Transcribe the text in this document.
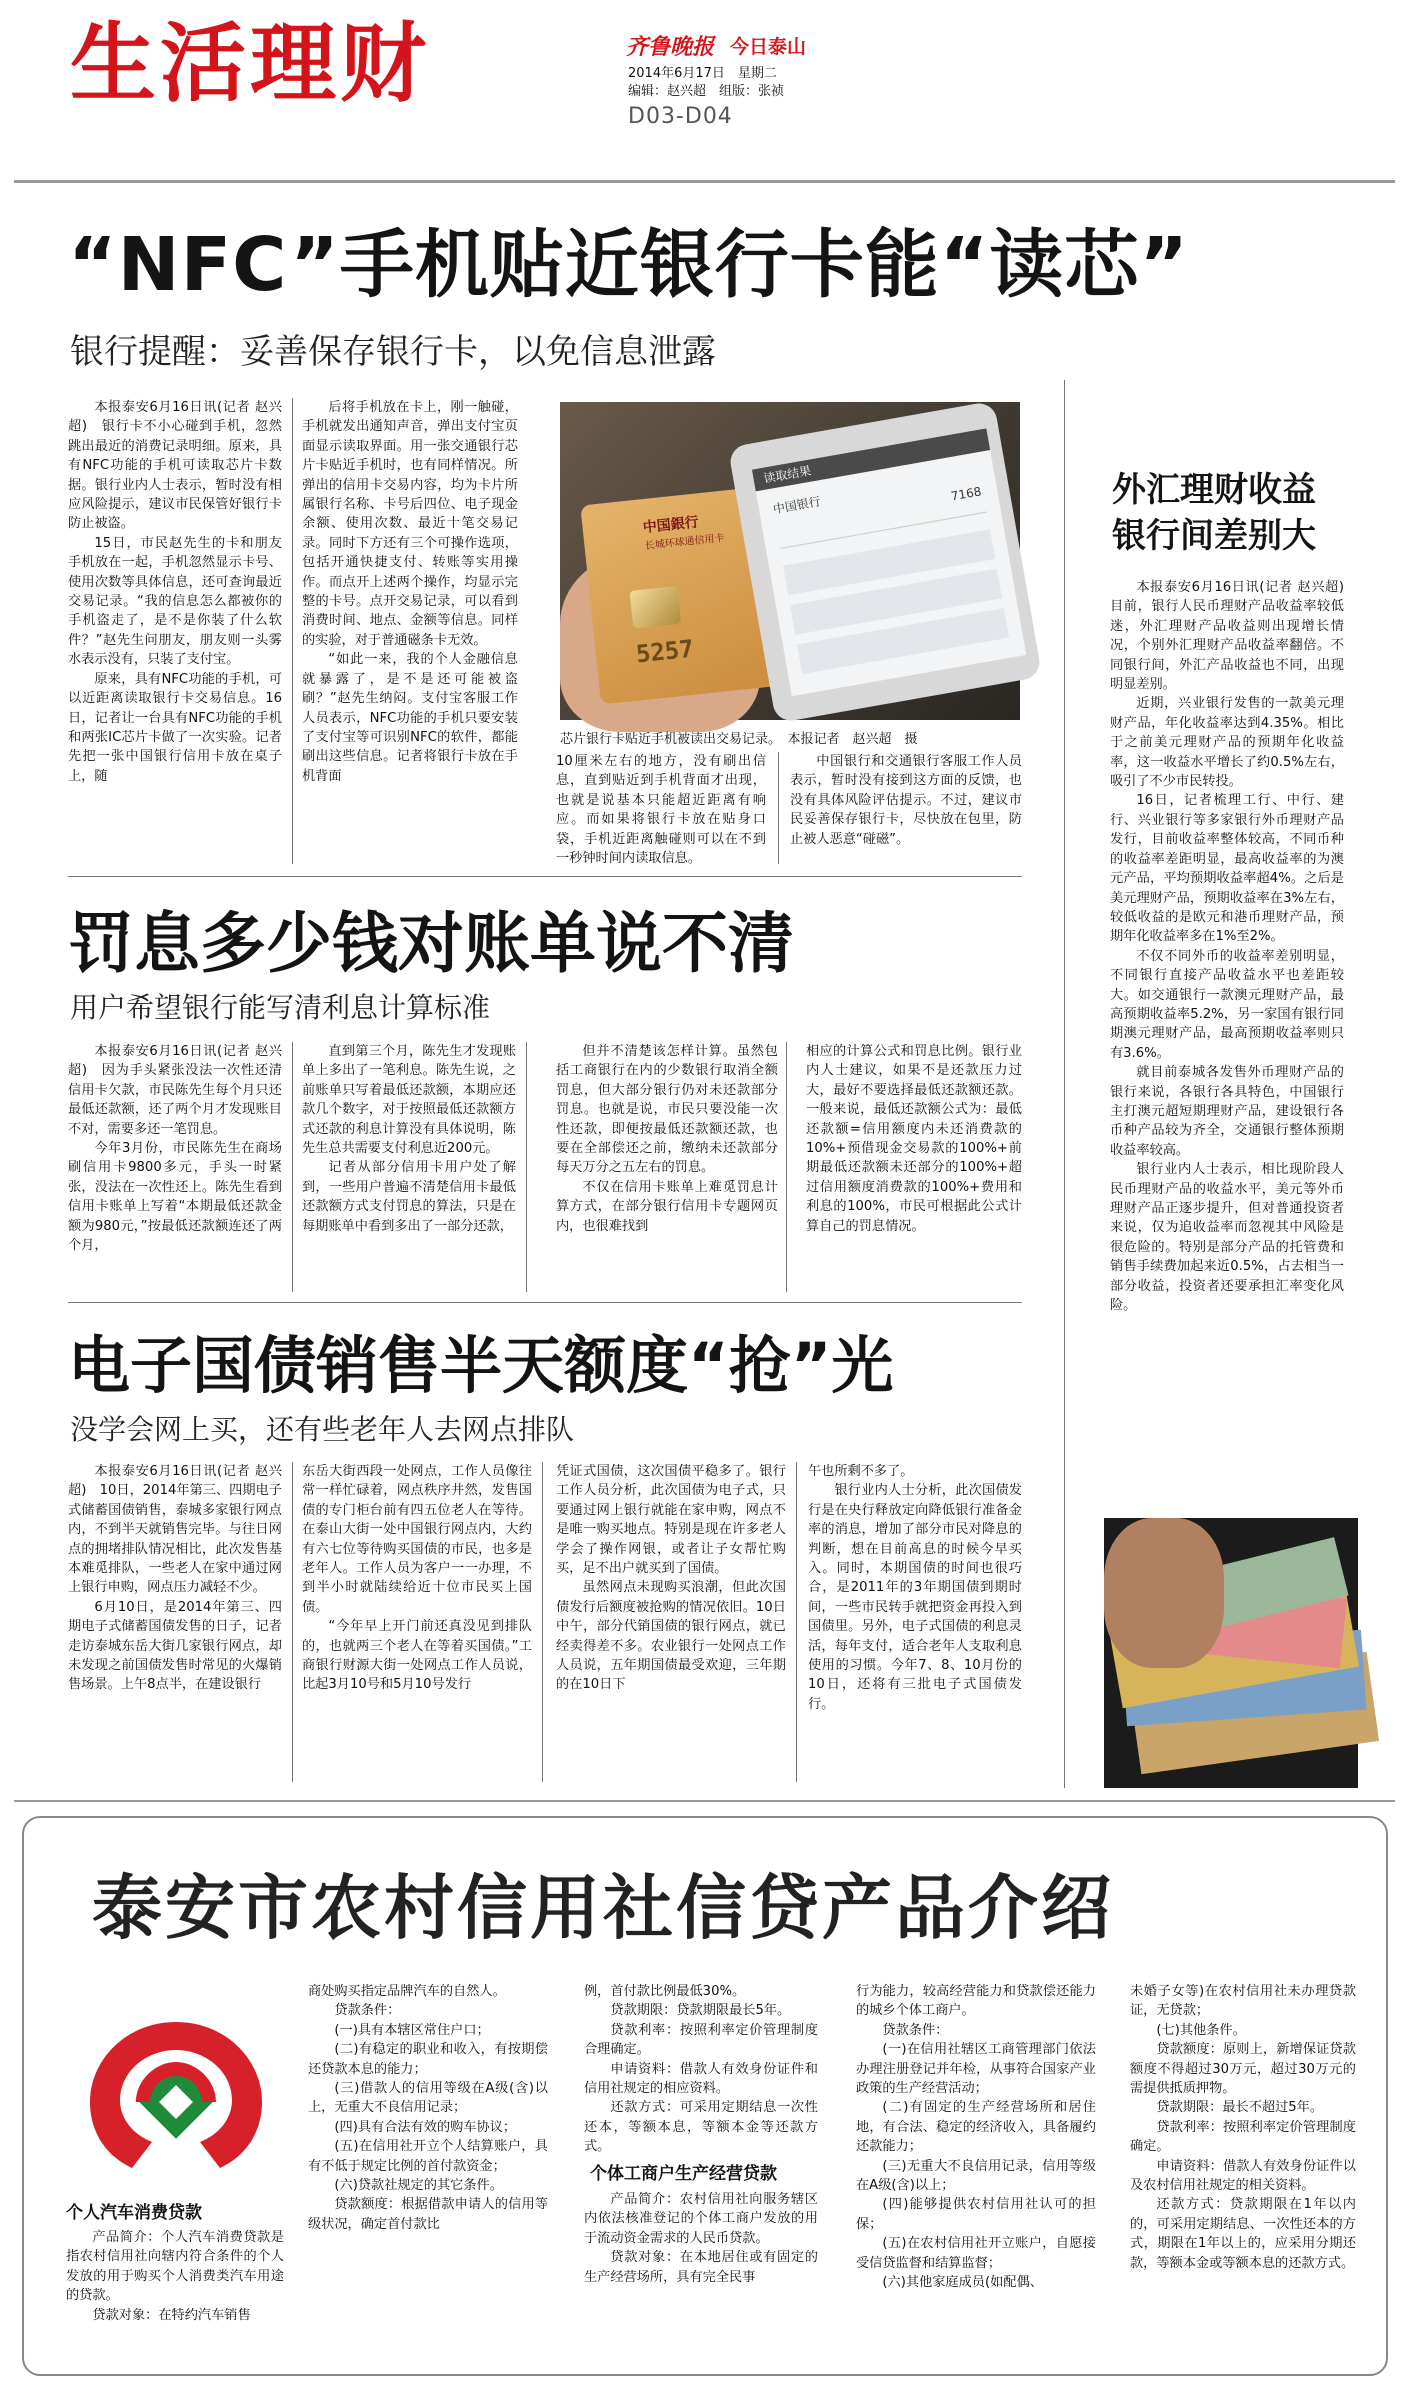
生活理财	齐鲁晚报 今日泰山
2014年6月17日　星期二
编辑：赵兴超　组版：张祯
D03-D04
“NFC”手机贴近银行卡能“读芯”
银行提醒：妥善保存银行卡，以免信息泄露

本报泰安6月16日讯(记者 赵兴超)　银行卡不小心碰到手机，忽然跳出最近的消费记录明细。原来，具有NFC功能的手机可读取芯片卡数据。银行业内人士表示，暂时没有相应风险提示，建议市民保管好银行卡防止被盗。

15日，市民赵先生的卡和朋友手机放在一起，手机忽然显示卡号、使用次数等具体信息，还可查询最近交易记录。“我的信息怎么都被你的手机盗走了，是不是你装了什么软件？”赵先生问朋友，朋友则一头雾水表示没有，只装了支付宝。

原来，具有NFC功能的手机，可以近距离读取银行卡交易信息。16日，记者让一台具有NFC功能的手机和两张IC芯片卡做了一次实验。记者先把一张中国银行信用卡放在桌子上，随

后将手机放在卡上，刚一触碰，手机就发出通知声音，弹出支付宝页面显示读取界面。用一张交通银行芯片卡贴近手机时，也有同样情况。所弹出的信用卡交易内容，均为卡片所属银行名称、卡号后四位、电子现金余额、使用次数、最近十笔交易记录。同时下方还有三个可操作选项，包括开通快捷支付、转账等实用操作。而点开上述两个操作，均显示完整的卡号。点开交易记录，可以看到消费时间、地点、金额等信息。同样的实验，对于普通磁条卡无效。

“如此一来，我的个人金融信息就暴露了，是不是还可能被盗刷？”赵先生纳闷。支付宝客服工作人员表示，NFC功能的手机只要安装了支付宝等可识别NFC的软件，都能刷出这些信息。记者将银行卡放在手机背面

中国銀行
长城环球通信用卡
5257
读取结果
中国银行
7168
芯片银行卡贴近手机被读出交易记录。　本报记者　赵兴超　摄

10厘米左右的地方，没有刷出信息，直到贴近到手机背面才出现，也就是说基本只能超近距离有响应。而如果将银行卡放在贴身口袋，手机近距离触碰则可以在不到一秒钟时间内读取信息。

中国银行和交通银行客服工作人员表示，暂时没有接到这方面的反馈，也没有具体风险评估提示。不过，建议市民妥善保存银行卡，尽快放在包里，防止被人恶意“碰磁”。

外汇理财收益
银行间差别大

本报泰安6月16日讯(记者 赵兴超)　目前，银行人民币理财产品收益率较低迷，外汇理财产品收益则出现增长情况，个别外汇理财产品收益率翻倍。不同银行间，外汇产品收益也不同，出现明显差别。

近期，兴业银行发售的一款美元理财产品，年化收益率达到4.35%。相比于之前美元理财产品的预期年化收益率，这一收益水平增长了约0.5%左右，吸引了不少市民转投。

16日，记者梳理工行、中行、建行、兴业银行等多家银行外币理财产品发行，目前收益率整体较高，不同币种的收益率差距明显，最高收益率的为澳元产品，平均预期收益率超4%。之后是美元理财产品，预期收益率在3%左右，较低收益的是欧元和港币理财产品，预期年化收益率多在1%至2%。

不仅不同外币的收益率差别明显，不同银行直接产品收益水平也差距较大。如交通银行一款澳元理财产品，最高预期收益率5.2%，另一家国有银行同期澳元理财产品，最高预期收益率则只有3.6%。

就目前泰城各发售外币理财产品的银行来说，各银行各具特色，中国银行主打澳元超短期理财产品，建设银行各币种产品较为齐全，交通银行整体预期收益率较高。

银行业内人士表示，相比现阶段人民币理财产品的收益水平，美元等外币理财产品正逐步提升，但对普通投资者来说，仅为追收益率而忽视其中风险是很危险的。特别是部分产品的托管费和销售手续费加起来近0.5%，占去相当一部分收益，投资者还要承担汇率变化风险。

罚息多少钱对账单说不清
用户希望银行能写清利息计算标准

本报泰安6月16日讯(记者 赵兴超)　因为手头紧张没法一次性还清信用卡欠款，市民陈先生每个月只还最低还款额，还了两个月才发现账目不对，需要多还一笔罚息。

今年3月份，市民陈先生在商场刷信用卡9800多元，手头一时紧张，没法在一次性还上。陈先生看到信用卡账单上写着“本期最低还款金额为980元，”按最低还款额连还了两个月，

直到第三个月，陈先生才发现账单上多出了一笔利息。陈先生说，之前账单只写着最低还款额，本期应还款几个数字，对于按照最低还款额方式还款的利息计算没有具体说明，陈先生总共需要支付利息近200元。

记者从部分信用卡用户处了解到，一些用户普遍不清楚信用卡最低还款额方式支付罚息的算法，只是在每期账单中看到多出了一部分还款，

但并不清楚该怎样计算。虽然包括工商银行在内的少数银行取消全额罚息，但大部分银行仍对未还款部分罚息。也就是说，市民只要没能一次性还款，即便按最低还款额还款，也要在全部偿还之前，缴纳未还款部分每天万分之五左右的罚息。

不仅在信用卡账单上难觅罚息计算方式，在部分银行信用卡专题网页内，也很难找到

相应的计算公式和罚息比例。银行业内人士建议，如果不是还款压力过大，最好不要选择最低还款额还款。一般来说，最低还款额公式为：最低还款额=信用额度内未还消费款的10%+预借现金交易款的100%+前期最低还款额未还部分的100%+超过信用额度消费款的100%+费用和利息的100%，市民可根据此公式计算自己的罚息情况。

电子国债销售半天额度“抢”光
没学会网上买，还有些老年人去网点排队

本报泰安6月16日讯(记者 赵兴超)　10日，2014年第三、四期电子式储蓄国债销售，泰城多家银行网点内，不到半天就销售完毕。与往日网点的拥堵排队情况相比，此次发售基本难觅排队，一些老人在家中通过网上银行申购，网点压力减轻不少。

6月10日，是2014年第三、四期电子式储蓄国债发售的日子，记者走访泰城东岳大街几家银行网点，却未发现之前国债发售时常见的火爆销售场景。上午8点半，在建设银行

东岳大街西段一处网点，工作人员像往常一样忙碌着，网点秩序井然，发售国债的专门柜台前有四五位老人在等待。在泰山大街一处中国银行网点内，大约有六七位等待购买国债的市民，也多是老年人。工作人员为客户一一办理，不到半小时就陆续给近十位市民买上国债。

“今年早上开门前还真没见到排队的，也就两三个老人在等着买国债。”工商银行财源大街一处网点工作人员说，比起3月10号和5月10号发行

凭证式国债，这次国债平稳多了。银行工作人员分析，此次国债为电子式，只要通过网上银行就能在家申购，网点不是唯一购买地点。特别是现在许多老人学会了操作网银，或者让子女帮忙购买，足不出户就买到了国债。

虽然网点未现购买浪潮，但此次国债发行后额度被抢购的情况依旧。10日中午，部分代销国债的银行网点，就已经卖得差不多。农业银行一处网点工作人员说，五年期国债最受欢迎，三年期的在10日下

午也所剩不多了。

银行业内人士分析，此次国债发行是在央行释放定向降低银行准备金率的消息，增加了部分市民对降息的判断，想在目前高息的时候今早买入。同时，本期国债的时间也很巧合，是2011年的3年期国债到期时间，一些市民转手就把资金再投入到国债里。另外，电子式国债的利息灵活，每年支付，适合老年人支取利息使用的习惯。今年7、8、10月份的10日，还将有三批电子式国债发行。

泰安市农村信用社信贷产品介绍
个人汽车消费贷款

产品简介：个人汽车消费贷款是指农村信用社向辖内符合条件的个人发放的用于购买个人消费类汽车用途的贷款。

贷款对象：在特约汽车销售

商处购买指定品牌汽车的自然人。

贷款条件：

(一)具有本辖区常住户口；

(二)有稳定的职业和收入，有按期偿还贷款本息的能力；

(三)借款人的信用等级在A级(含)以上，无重大不良信用记录；

(四)具有合法有效的购车协议；

(五)在信用社开立个人结算账户，具有不低于规定比例的首付款资金；

(六)贷款社规定的其它条件。

贷款额度：根据借款申请人的信用等级状况，确定首付款比

例，首付款比例最低30%。

贷款期限：贷款期限最长5年。

贷款利率：按照利率定价管理制度合理确定。

申请资料：借款人有效身份证件和信用社规定的相应资料。

还款方式：可采用定期结息一次性还本，等额本息，等额本金等还款方式。

个体工商户生产经营贷款

产品简介：农村信用社向服务辖区内依法核准登记的个体工商户发放的用于流动资金需求的人民币贷款。

贷款对象：在本地居住或有固定的生产经营场所，具有完全民事

行为能力，较高经营能力和贷款偿还能力的城乡个体工商户。

贷款条件：

(一)在信用社辖区工商管理部门依法办理注册登记并年检，从事符合国家产业政策的生产经营活动；

(二)有固定的生产经营场所和居住地，有合法、稳定的经济收入，具备履约还款能力；

(三)无重大不良信用记录，信用等级在A级(含)以上；

(四)能够提供农村信用社认可的担保；

(五)在农村信用社开立账户，自愿接受信贷监督和结算监督；

(六)其他家庭成员(如配偶、

未婚子女等)在农村信用社未办理贷款证，无贷款；

(七)其他条件。

贷款额度：原则上，新增保证贷款额度不得超过30万元，超过30万元的需提供抵质押物。

贷款期限：最长不超过5年。

贷款利率：按照利率定价管理制度确定。

申请资料：借款人有效身份证件以及农村信用社规定的相关资料。

还款方式：贷款期限在1年以内的，可采用定期结息、一次性还本的方式，期限在1年以上的，应采用分期还款，等额本金或等额本息的还款方式。
